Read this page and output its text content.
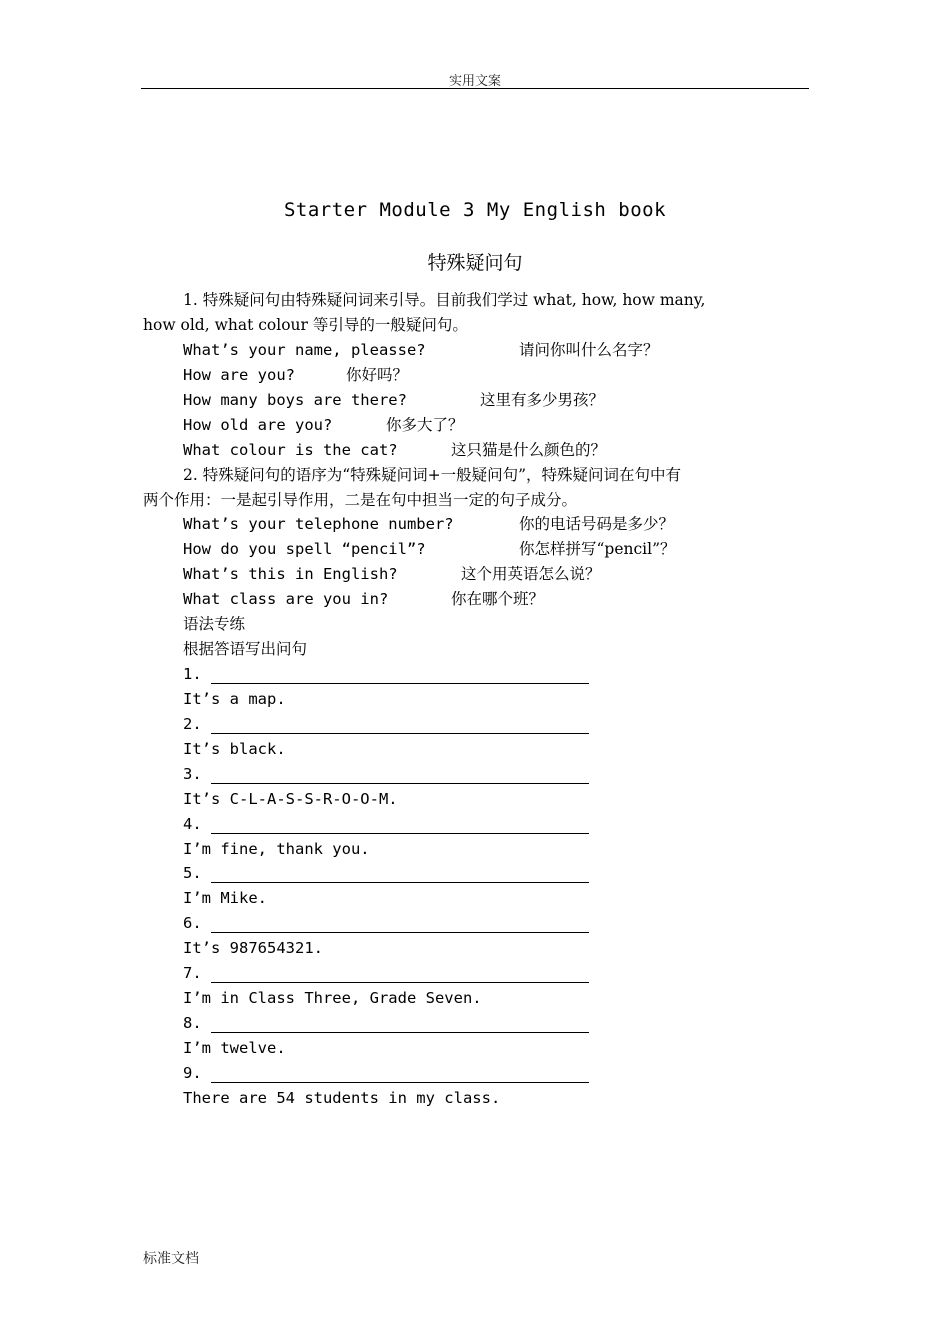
实用文案
Starter Module 3 My English book
特殊疑问句
1. 特殊疑问句由特殊疑问词来引导。目前我们学过 what, how, how many,
how old, what colour 等引导的一般疑问句。
What’s your name, pleasse?	请问你叫什么名字？
How are you?	你好吗？
How many boys are there?	这里有多少男孩？
How old are you?	你多大了？
What colour is the cat?	这只猫是什么颜色的？
2. 特殊疑问句的语序为“特殊疑问词+一般疑问句”，特殊疑问词在句中有
两个作用：一是起引导作用，二是在句中担当一定的句子成分。
What’s your telephone number?	你的电话号码是多少？
How do you spell “pencil”?	你怎样拼写“pencil”？
What’s this in English?	这个用英语怎么说？
What class are you in?	你在哪个班？
语法专练
根据答语写出问句
1.
It’s a map.
2.
It’s black.
3.
It’s C-L-A-S-S-R-O-O-M.
4.
I’m fine, thank you.
5.
I’m Mike.
6.
It’s 987654321.
7.
I’m in Class Three, Grade Seven.
8.
I’m twelve.
9.
There are 54 students in my class.
标准文档
